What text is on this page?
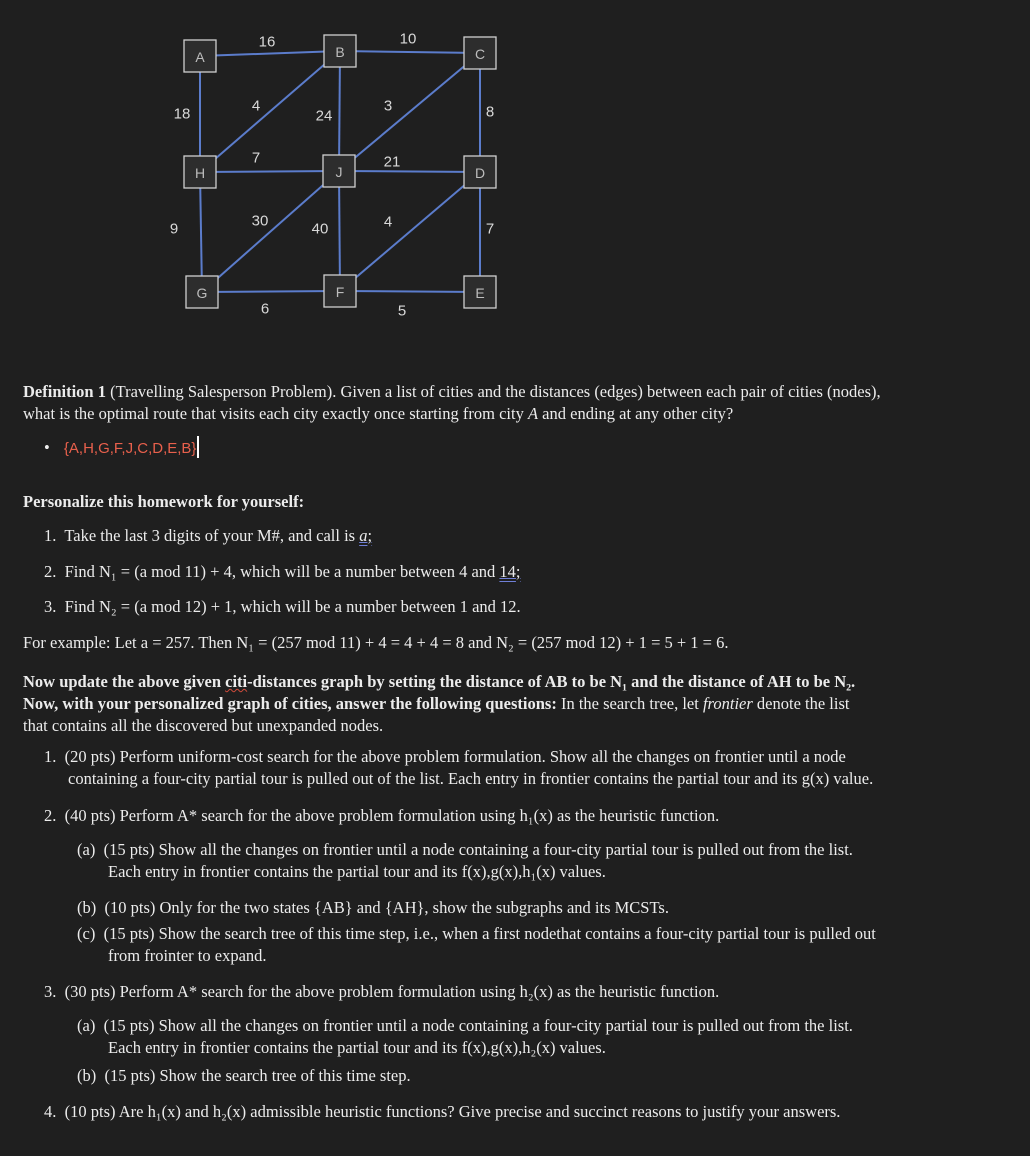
A	B	C
H	J	D
G	F	E
16	10
18	4
24
3	8
7	21
9	30	40	4	7
6	5

Definition 1 (Travelling Salesperson Problem). Given a list of cities and the distances (edges) between each pair of cities (nodes),

what is the optimal route that visits each city exactly once starting from city A and ending at any other city?

• {A,H,G,F,J,C,D,E,B}

Personalize this homework for yourself:

1. Take the last 3 digits of your M#, and call is a;

2. Find N₁ = (a mod 11) + 4, which will be a number between 4 and 14;

3. Find N₂ = (a mod 12) + 1, which will be a number between 1 and 12.

For example: Let a = 257. Then N₁ = (257 mod 11) + 4 = 4 + 4 = 8 and N₂ = (257 mod 12) + 1 = 5 + 1 = 6.

Now update the above given citi-distances graph by setting the distance of AB to be N₁ and the distance of AH to be N₂.

Now, with your personalized graph of cities, answer the following questions: In the search tree, let frontier denote the list

that contains all the discovered but unexpanded nodes.

1. (20 pts) Perform uniform-cost search for the above problem formulation. Show all the changes on frontier until a node

containing a four-city partial tour is pulled out of the list. Each entry in frontier contains the partial tour and its g(x) value.

2. (40 pts) Perform A* search for the above problem formulation using h₁(x) as the heuristic function.

(a) (15 pts) Show all the changes on frontier until a node containing a four-city partial tour is pulled out from the list.

Each entry in frontier contains the partial tour and its f(x),g(x),h₁(x) values.

(b) (10 pts) Only for the two states {AB} and {AH}, show the subgraphs and its MCSTs.

(c) (15 pts) Show the search tree of this time step, i.e., when a first nodethat contains a four-city partial tour is pulled out

from frointer to expand.

3. (30 pts) Perform A* search for the above problem formulation using h₂(x) as the heuristic function.

(a) (15 pts) Show all the changes on frontier until a node containing a four-city partial tour is pulled out from the list.

Each entry in frontier contains the partial tour and its f(x),g(x),h₂(x) values.

(b) (15 pts) Show the search tree of this time step.

4. (10 pts) Are h₁(x) and h₂(x) admissible heuristic functions? Give precise and succinct reasons to justify your answers.
